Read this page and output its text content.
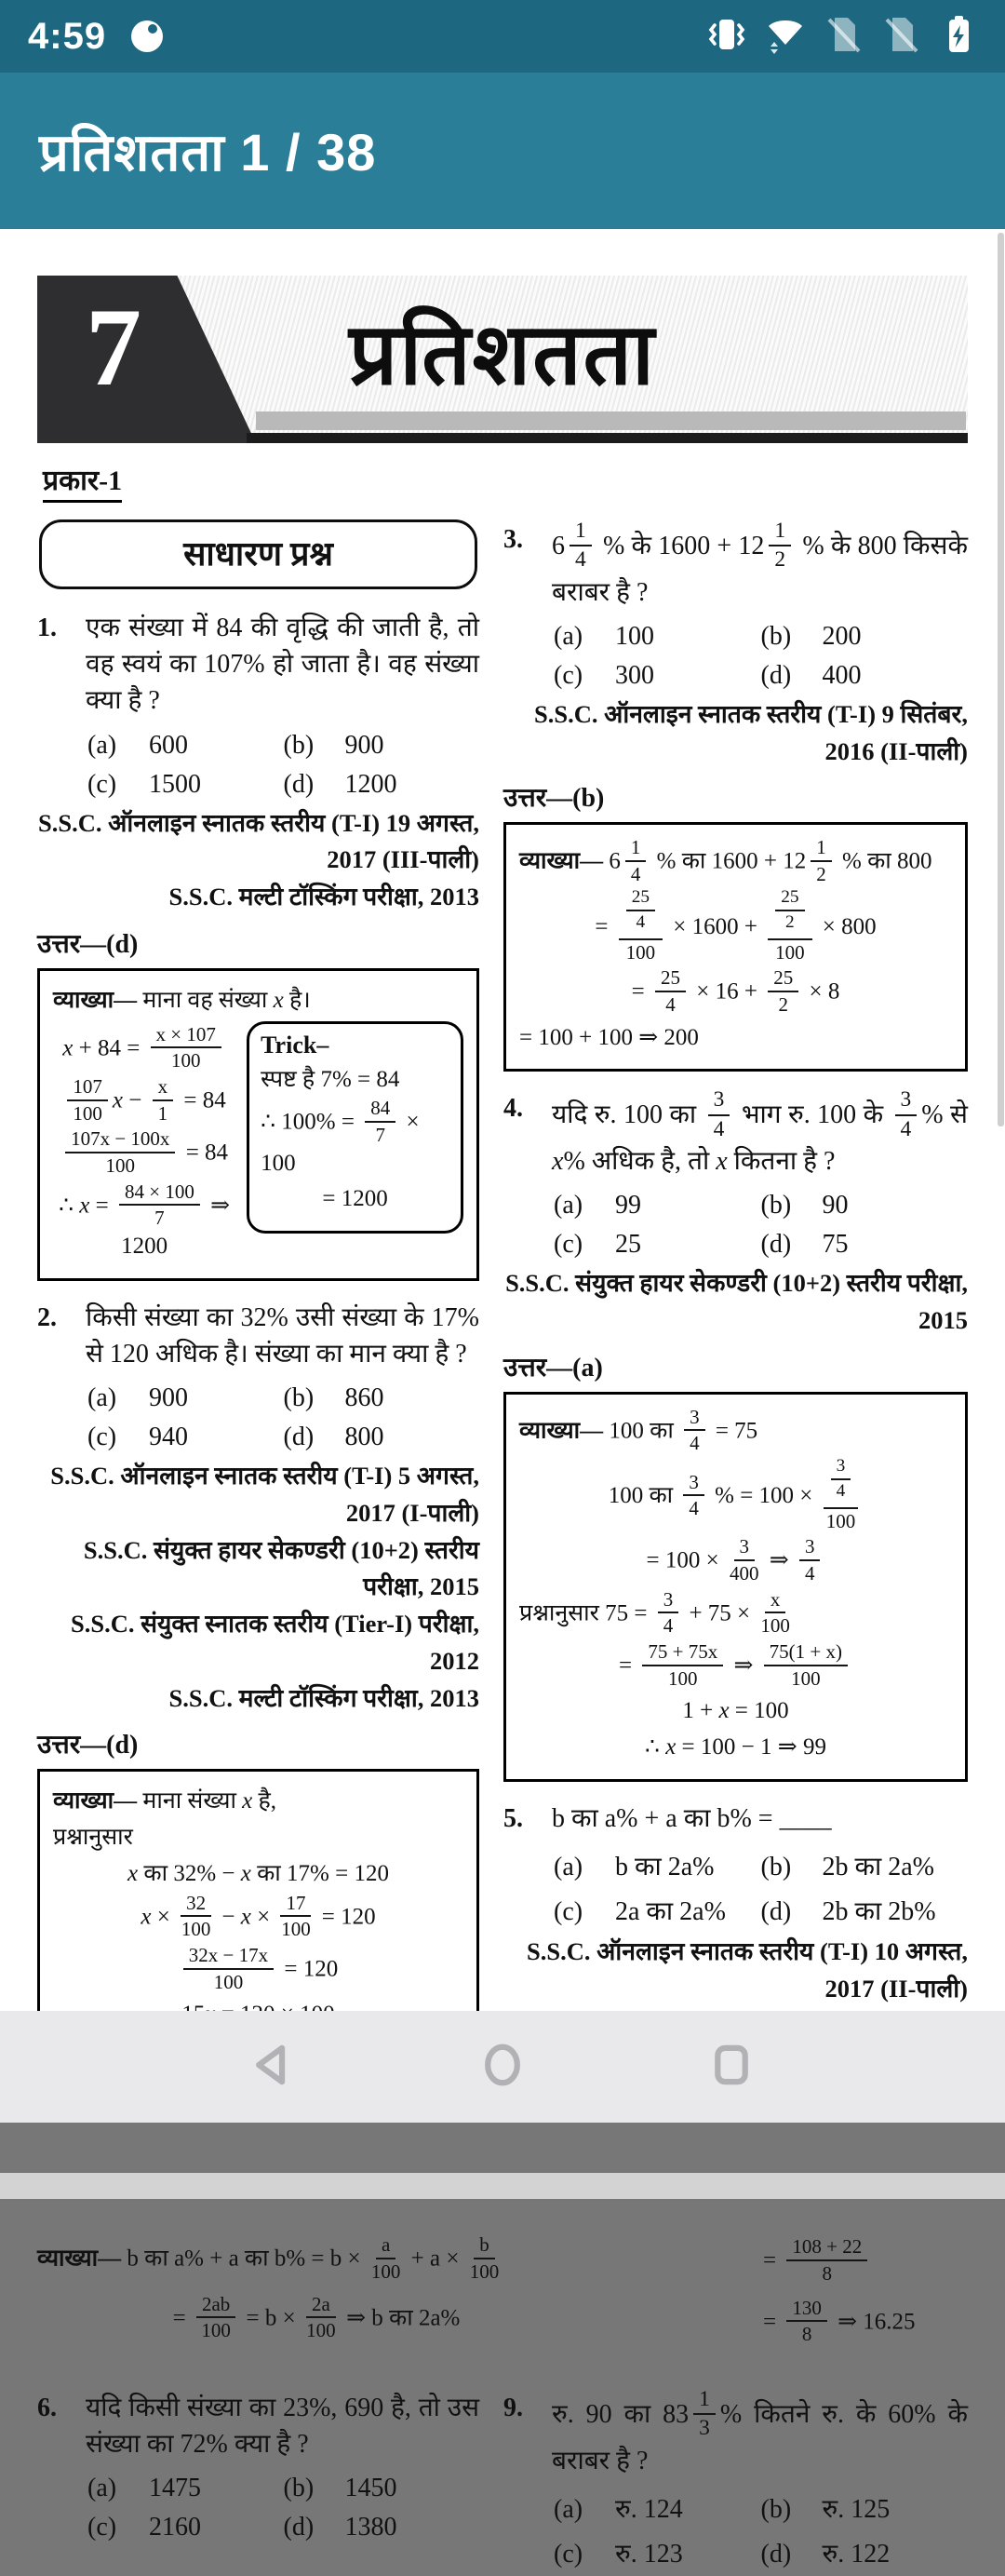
4:59
प्रतिशतता 1 / 38
7	प्रतिशतता
प्रकार-1
साधारण प्रश्न
1.	एक संख्या में 84 की वृद्धि की जाती है, तो वह स्वयं का 107% हो जाता है। वह संख्या क्या है ?
(a) 600	(b) 900
(c) 1500	(d) 1200
S.S.C. ऑनलाइन स्नातक स्तरीय (T-I) 19 अगस्त, 2017 (III-पाली)
S.S.C. मल्टी टॉस्किंग परीक्षा, 2013
उत्तर—(d)
व्याख्या— माना वह संख्या x है।
$x + 84 = \frac{x \times 107}{100}$
$\frac{107}{100}$ $x - \frac{x}{1} = 84$
$\frac{107x - 100x}{100} = 84$
∴ $x = \frac{84 \times 100}{7}$ ⇒ 1200
Trick–
स्पष्ट है 7% = 84
∴ $100\% = \frac{84}{7} \times 100$
= 1200
2.	किसी संख्या का 32% उसी संख्या के 17% से 120 अधिक है। संख्या का मान क्या है ?
(a) 900	(b) 860
(c) 940	(d) 800
S.S.C. ऑनलाइन स्नातक स्तरीय (T-I) 5 अगस्त, 2017 (I-पाली)
S.S.C. संयुक्त हायर सेकण्डरी (10+2) स्तरीय परीक्षा, 2015
S.S.C. संयुक्त स्नातक स्तरीय (Tier-I) परीक्षा, 2012
S.S.C. मल्टी टॉस्किंग परीक्षा, 2013
उत्तर—(d)
व्याख्या— माना संख्या x है,
प्रश्नानुसार
x का 32% − x का 17% = 120
$x \times \frac{32}{100} - x \times \frac{17}{100} = 120$
$\frac{32x - 17x}{100} = 120$
3.	$6 \frac{1}{4}$ % के $1600 + 12 \frac{1}{2}$ % के 800 किसके बराबर है ?
(a) 100	(b) 200
(c) 300	(d) 400
S.S.C. ऑनलाइन स्नातक स्तरीय (T-I) 9 सितंबर, 2016 (II-पाली)
उत्तर—(b)
व्याख्या— $6 \frac{1}{4}$ % का $1600 + 12 \frac{1}{2}$ % का 800
= 25
4
100 × 1600 + 25
2
100 × 800
= $\frac{25}{4} \times 16 + \frac{25}{2} \times 8$
= 100 + 100 ⇒ 200
4.	यदि रु. 100 का $\frac{3}{4}$ भाग रु. 100 के $\frac{3}{4}$ % से x% अधिक है, तो x कितना है ?
(a) 99	(b) 90
(c) 25	(d) 75
S.S.C. संयुक्त हायर सेकण्डरी (10+2) स्तरीय परीक्षा, 2015
उत्तर—(a)
व्याख्या— 100 का $\frac{3}{4} = 75$
100 का $\frac{3}{4}$ % = 100 × 3
4
100
= $100 \times \frac{3}{400}$ ⇒ $\frac{3}{4}$
प्रश्नानुसार $75 = \frac{3}{4} + 75 \times \frac{x}{100}$
= $\frac{75 + 75x}{100}$ ⇒ $\frac{75(1 + x)}{100}$
1 + x = 100
∴ x = 100 − 1 ⇒ 99
5.	b का a% + a का b% = ____
(a) b का 2a%	(b) 2b का 2a%
(c) 2a का 2a%	(d) 2b का 2b%
S.S.C. ऑनलाइन स्नातक स्तरीय (T-I) 10 अगस्त, 2017 (II-पाली)
व्याख्या— b का a% + a का $b\% = b \times \frac{a}{100} + a \times \frac{b}{100}$
= $\frac{2ab}{100} = b \times \frac{2a}{100}$ ⇒ b का 2a%
= $\frac{108 + 22}{8}$
= $\frac{130}{8}$ ⇒ 16.25
6.	यदि किसी संख्या का 23%, 690 है, तो उस संख्या का 72% क्या है ?
(a) 1475	(b) 1450
(c) 2160	(d) 1380
9.	रु. 90 का $83 \frac{1}{3}$ % कितने रु. के 60% के बराबर है ?
(a) रु. 124	(b) रु. 125
(c) रु. 123	(d) रु. 122
